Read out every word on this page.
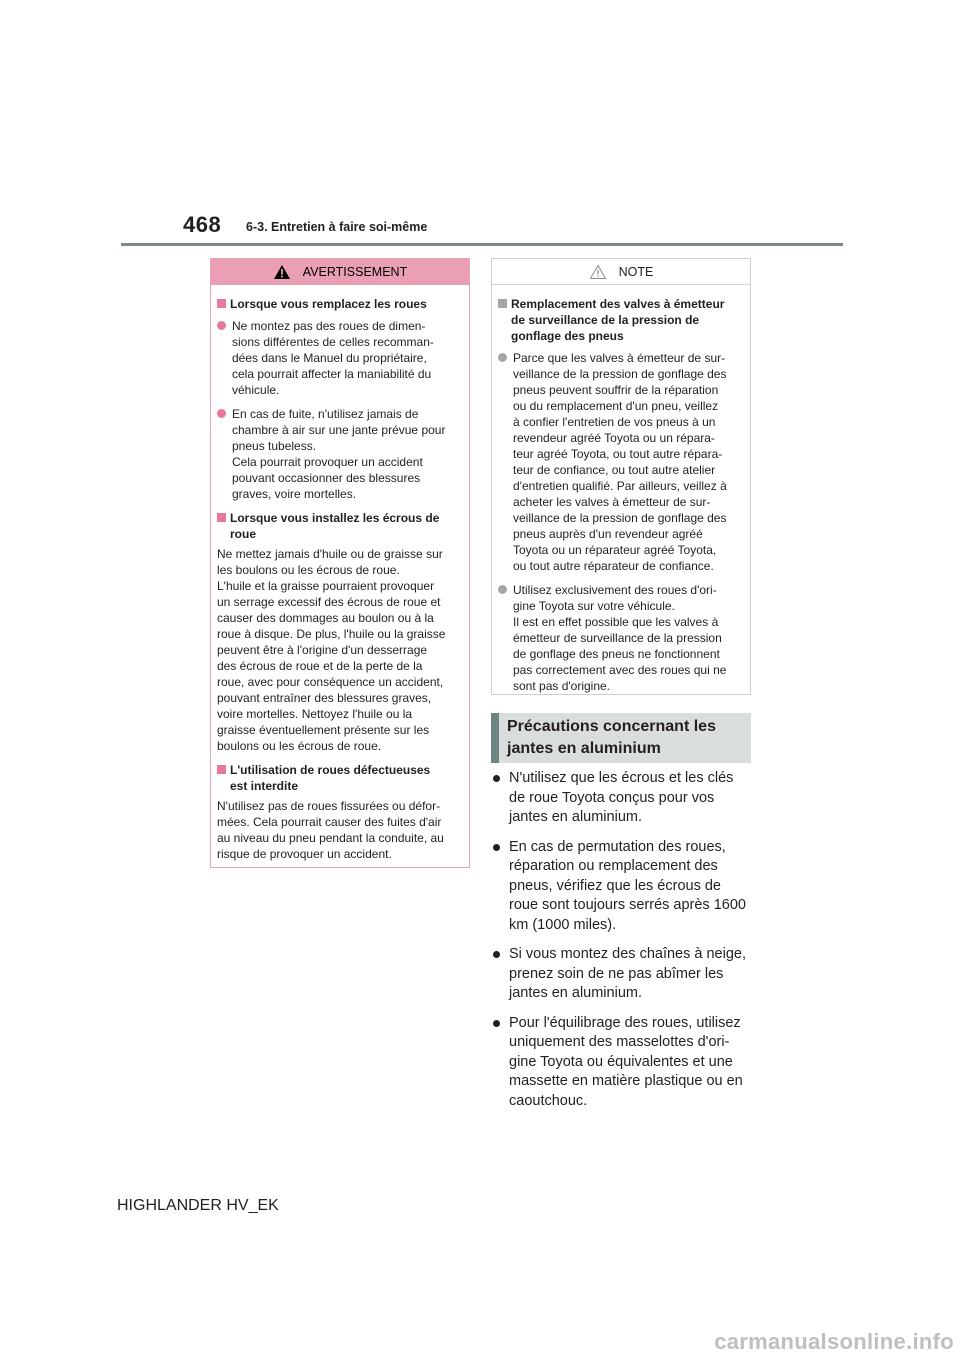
468 6-3. Entretien à faire soi-même
AVERTISSEMENT
Lorsque vous remplacez les roues
Ne montez pas des roues de dimen-
sions différentes de celles recomman-
dées dans le Manuel du propriétaire,
cela pourrait affecter la maniabilité du
véhicule.
En cas de fuite, n'utilisez jamais de
chambre à air sur une jante prévue pour
pneus tubeless.
Cela pourrait provoquer un accident
pouvant occasionner des blessures
graves, voire mortelles.
Lorsque vous installez les écrous de
roue
Ne mettez jamais d'huile ou de graisse sur
les boulons ou les écrous de roue.
L'huile et la graisse pourraient provoquer
un serrage excessif des écrous de roue et
causer des dommages au boulon ou à la
roue à disque. De plus, l'huile ou la graisse
peuvent être à l'origine d'un desserrage
des écrous de roue et de la perte de la
roue, avec pour conséquence un accident,
pouvant entraîner des blessures graves,
voire mortelles. Nettoyez l'huile ou la
graisse éventuellement présente sur les
boulons ou les écrous de roue.
L'utilisation de roues défectueuses
est interdite
N'utilisez pas de roues fissurées ou défor-
mées. Cela pourrait causer des fuites d'air
au niveau du pneu pendant la conduite, au
risque de provoquer un accident.
NOTE
Remplacement des valves à émetteur
de surveillance de la pression de
gonflage des pneus
Parce que les valves à émetteur de sur-
veillance de la pression de gonflage des
pneus peuvent souffrir de la réparation
ou du remplacement d'un pneu, veillez
à confier l'entretien de vos pneus à un
revendeur agréé Toyota ou un répara-
teur agréé Toyota, ou tout autre répara-
teur de confiance, ou tout autre atelier
d'entretien qualifié. Par ailleurs, veillez à
acheter les valves à émetteur de sur-
veillance de la pression de gonflage des
pneus auprès d'un revendeur agréé
Toyota ou un réparateur agréé Toyota,
ou tout autre réparateur de confiance.
Utilisez exclusivement des roues d'ori-
gine Toyota sur votre véhicule.
Il est en effet possible que les valves à
émetteur de surveillance de la pression
de gonflage des pneus ne fonctionnent
pas correctement avec des roues qui ne
sont pas d'origine.
Précautions concernant les
jantes en aluminium
N'utilisez que les écrous et les clés
de roue Toyota conçus pour vos
jantes en aluminium.
En cas de permutation des roues,
réparation ou remplacement des
pneus, vérifiez que les écrous de
roue sont toujours serrés après 1600
km (1000 miles).
Si vous montez des chaînes à neige,
prenez soin de ne pas abîmer les
jantes en aluminium.
Pour l'équilibrage des roues, utilisez
uniquement des masselottes d'ori-
gine Toyota ou équivalentes et une
massette en matière plastique ou en
caoutchouc.
HIGHLANDER HV_EK
carmanualsonline.info
